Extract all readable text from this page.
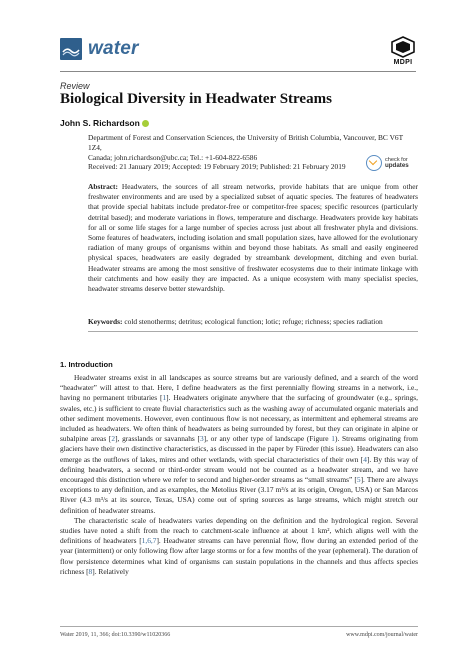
water
MDPI
Review
Biological Diversity in Headwater Streams
John S. Richardson
Department of Forest and Conservation Sciences, the University of British Columbia, Vancouver, BC V6T 1Z4,
Canada; john.richardson@ubc.ca; Tel.: +1-604-822-6586
Received: 21 January 2019; Accepted: 19 February 2019; Published: 21 February 2019
check for
updates

Abstract: Headwaters, the sources of all stream networks, provide habitats that are unique from other freshwater environments and are used by a specialized subset of aquatic species. The features of headwaters that provide special habitats include predator-free or competitor-free spaces; specific resources (particularly detrital based); and moderate variations in flows, temperature and discharge. Headwaters provide key habitats for all or some life stages for a large number of species across just about all freshwater phyla and divisions. Some features of headwaters, including isolation and small population sizes, have allowed for the evolutionary radiation of many groups of organisms within and beyond those habitats. As small and easily engineered physical spaces, headwaters are easily degraded by streambank development, ditching and even burial. Headwater streams are among the most sensitive of freshwater ecosystems due to their intimate linkage with their catchments and how easily they are impacted. As a unique ecosystem with many specialist species, headwater streams deserve better stewardship.

Keywords: cold stenotherms; detritus; ecological function; lotic; refuge; richness; species radiation
1. Introduction

Headwater streams exist in all landscapes as source streams but are variously defined, and a search of the word “headwater” will attest to that. Here, I define headwaters as the first perennially flowing streams in a network, i.e., having no permanent tributaries [1]. Headwaters originate anywhere that the surfacing of groundwater (e.g., springs, swales, etc.) is sufficient to create fluvial characteristics such as the washing away of accumulated organic materials and other sediment movements. However, even continuous flow is not necessary, as intermittent and ephemeral streams are included as headwaters. We often think of headwaters as being surrounded by forest, but they can originate in alpine or subalpine areas [2], grasslands or savannahs [3], or any other type of landscape (Figure 1). Streams originating from glaciers have their own distinctive characteristics, as discussed in the paper by Füreder (this issue). Headwaters can also emerge as the outflows of lakes, mires and other wetlands, with special characteristics of their own [4]. By this way of defining headwaters, a second or third-order stream would not be counted as a headwater stream, and we have encouraged this distinction where we refer to second and higher-order streams as “small streams” [5]. There are always exceptions to any definition, and as examples, the Metolius River (3.17 m³/s at its origin, Oregon, USA) or San Marcos River (4.3 m³/s at its source, Texas, USA) come out of spring sources as large streams, which might stretch our definition of headwater streams.

The characteristic scale of headwaters varies depending on the definition and the hydrological region. Several studies have noted a shift from the reach to catchment-scale influence at about 1 km², which aligns well with the definitions of headwaters [1,6,7]. Headwater streams can have perennial flow, flow during an extended period of the year (intermittent) or only following flow after large storms or for a few months of the year (ephemeral). The duration of flow persistence determines what kind of organisms can sustain populations in the channels and thus affects species richness [8]. Relatively

Water 2019, 11, 366; doi:10.3390/w11020366	www.mdpi.com/journal/water
